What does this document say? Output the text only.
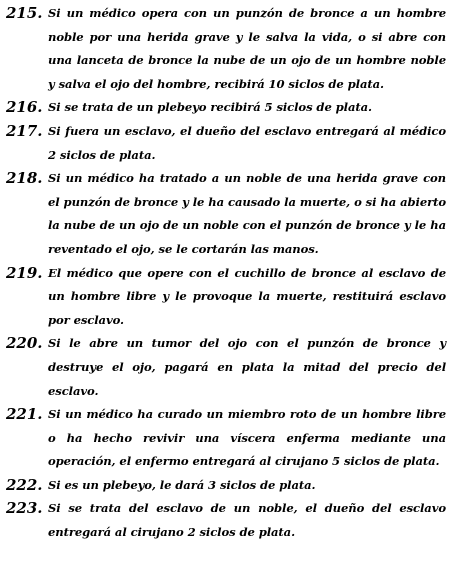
215. Si un médico opera con un punzón de bronce a un hombre noble por una herida grave y le salva la vida, o si abre con una lanceta de bronce la nube de un ojo de un hombre noble y salva el ojo del hombre, recibirá 10 siclos de plata.
216. Si se trata de un plebeyo recibirá 5 siclos de plata.
217. Si fuera un esclavo, el dueño del esclavo entregará al médico 2 siclos de plata.
218. Si un médico ha tratado a un noble de una herida grave con el punzón de bronce y le ha causado la muerte, o si ha abierto la nube de un ojo de un noble con el punzón de bronce y le ha reventado el ojo, se le cortarán las manos.
219. El médico que opere con el cuchillo de bronce al esclavo de un hombre libre y le provoque la muerte, restituirá esclavo por esclavo.
220. Si le abre un tumor del ojo con el punzón de bronce y destruye el ojo, pagará en plata la mitad del precio del esclavo.
221. Si un médico ha curado un miembro roto de un hombre libre o ha hecho revivir una víscera enferma mediante una operación, el enfermo entregará al cirujano 5 siclos de plata.
222. Si es un plebeyo, le dará 3 siclos de plata.
223. Si se trata del esclavo de un noble, el dueño del esclavo entregará al cirujano 2 siclos de plata.
